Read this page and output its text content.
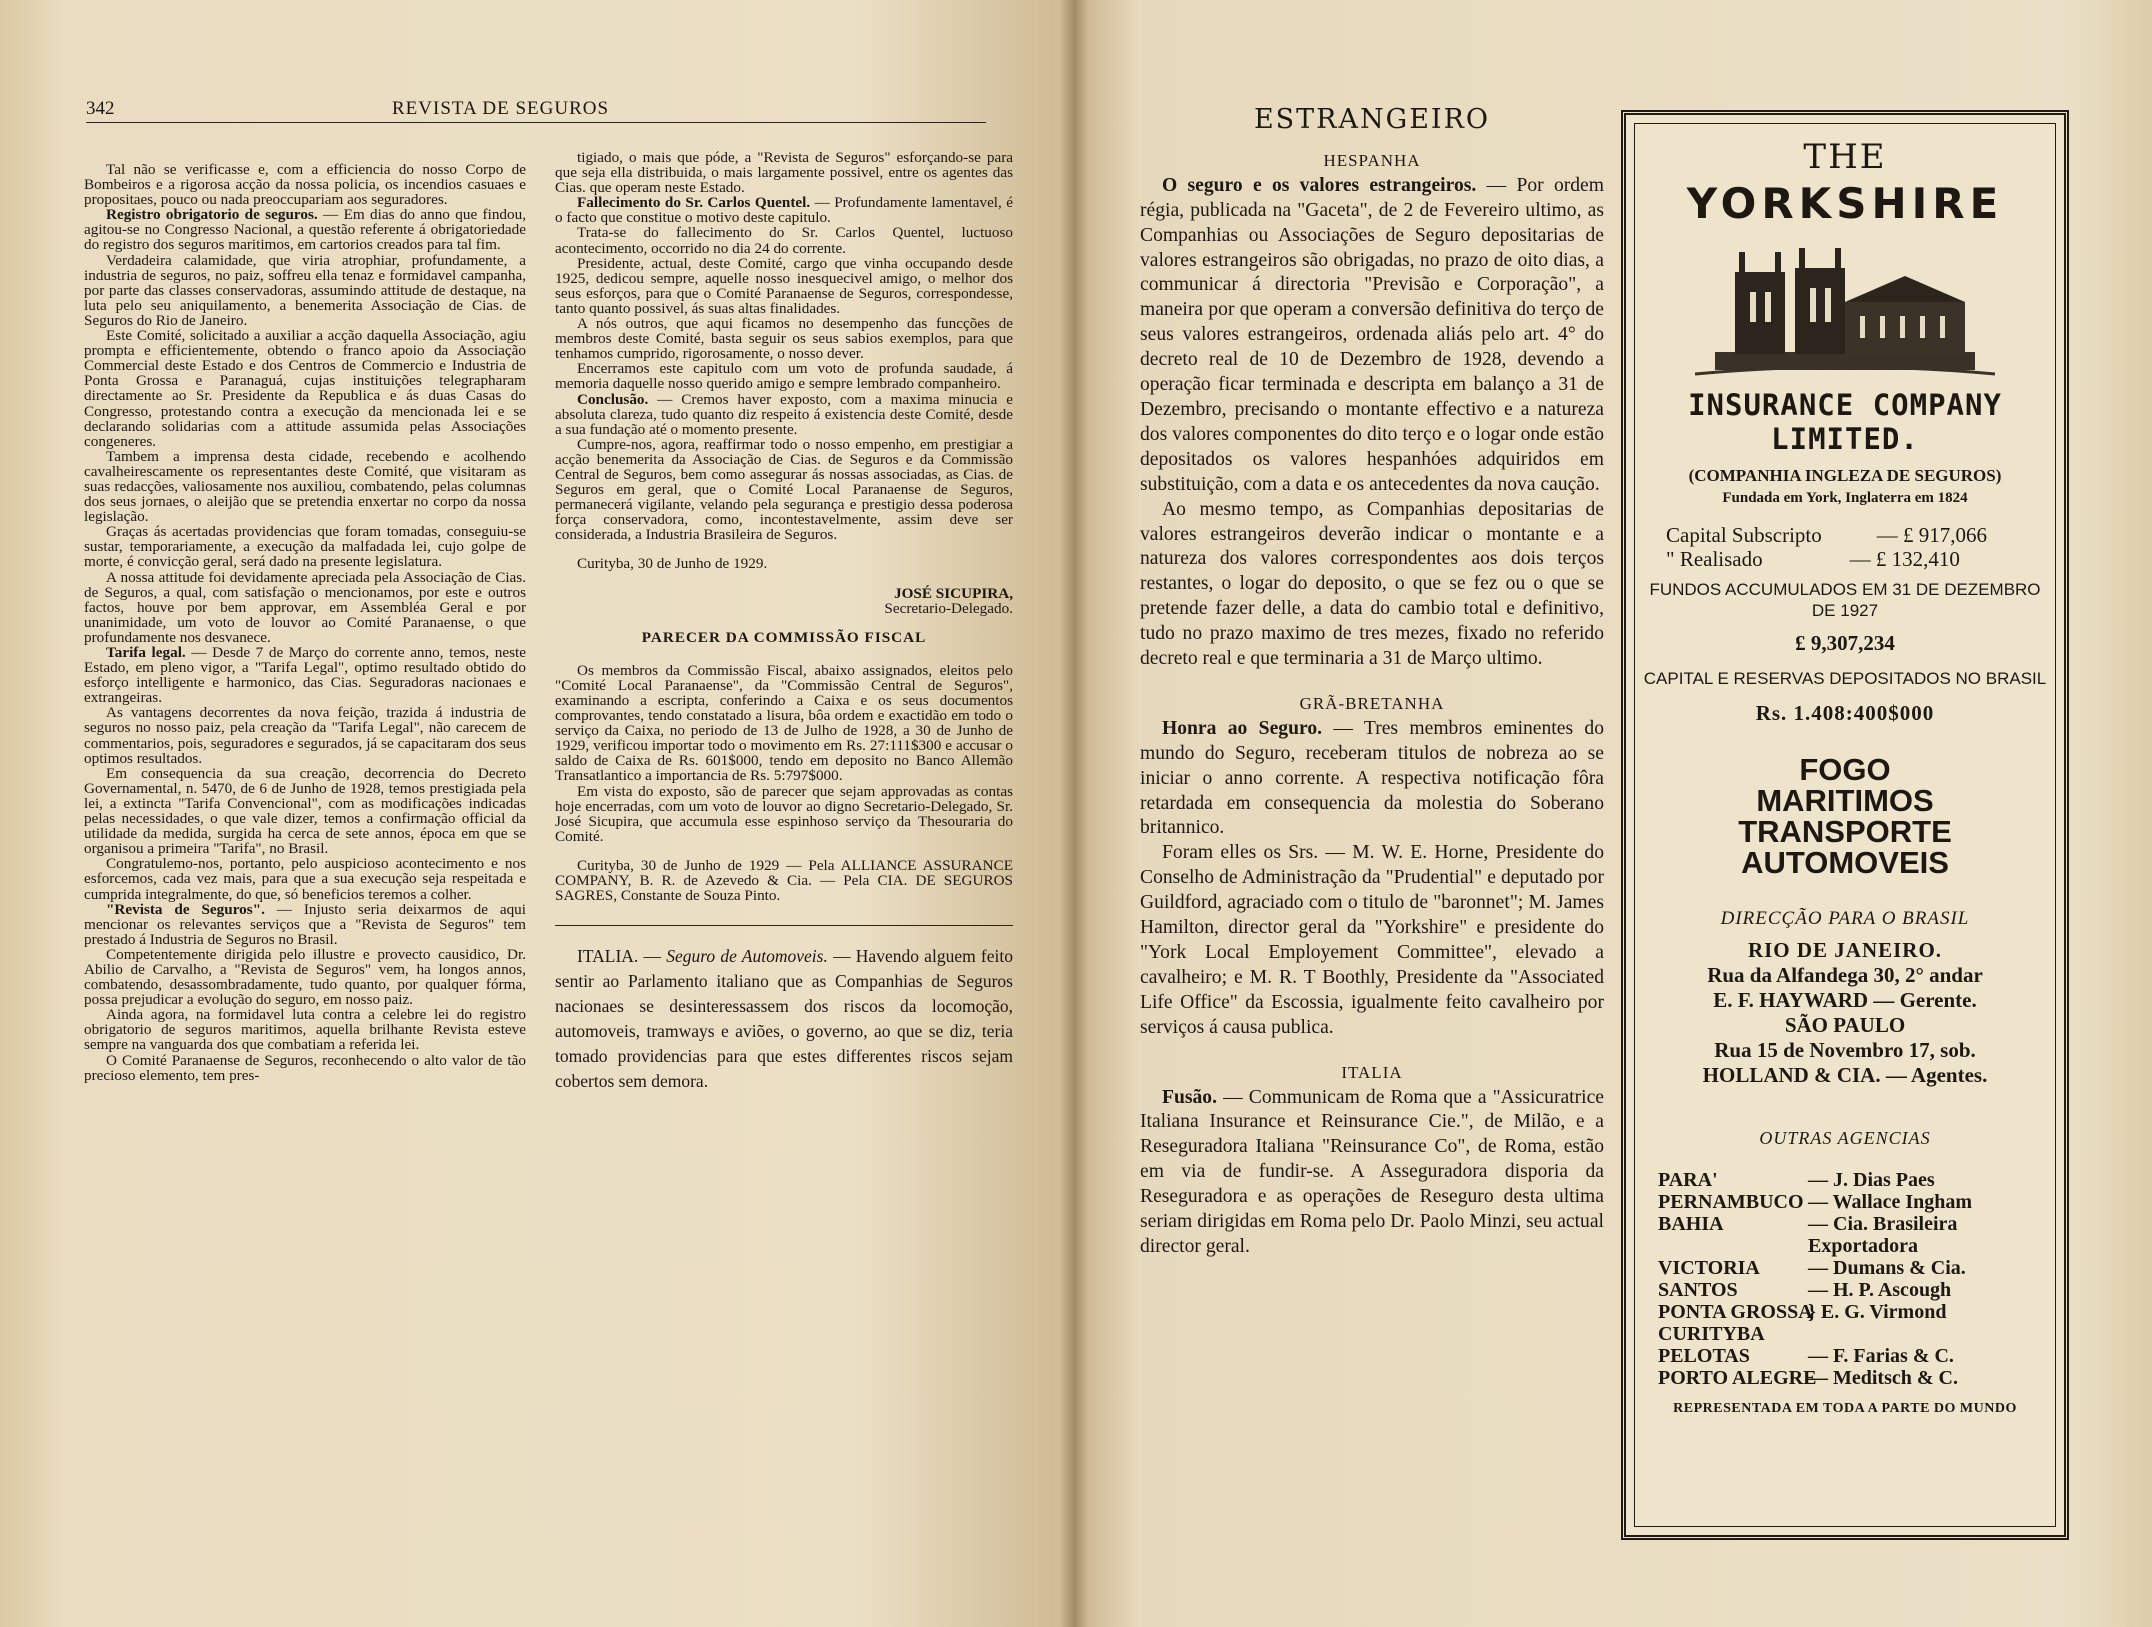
342	REVISTA DE SEGUROS

Tal não se verificasse e, com a efficiencia do nosso Corpo de Bombeiros e a rigorosa acção da nossa policia, os incendios casuaes e propositaes, pouco ou nada preoccupariam aos seguradores.

Registro obrigatorio de seguros. — Em dias do anno que findou, agitou-se no Congresso Nacional, a questão referente á obrigatoriedade do registro dos seguros maritimos, em cartorios creados para tal fim.

Verdadeira calamidade, que viria atrophiar, profundamente, a industria de seguros, no paiz, soffreu ella tenaz e formidavel campanha, por parte das classes conservadoras, assumindo attitude de destaque, na luta pelo seu aniquilamento, a benemerita Associação de Cias. de Seguros do Rio de Janeiro.

Este Comité, solicitado a auxiliar a acção daquella Associação, agiu prompta e efficientemente, obtendo o franco apoio da Associação Commercial deste Estado e dos Centros de Commercio e Industria de Ponta Grossa e Paranaguá, cujas instituições telegrapharam directamente ao Sr. Presidente da Republica e ás duas Casas do Congresso, protestando contra a execução da mencionada lei e se declarando solidarias com a attitude assumida pelas Associações congeneres.

Tambem a imprensa desta cidade, recebendo e acolhendo cavalheirescamente os representantes deste Comité, que visitaram as suas redacções, valiosamente nos auxiliou, combatendo, pelas columnas dos seus jornaes, o aleijão que se pretendia enxertar no corpo da nossa legislação.

Graças ás acertadas providencias que foram tomadas, conseguiu-se sustar, temporariamente, a execução da malfadada lei, cujo golpe de morte, é convicção geral, será dado na presente legislatura.

A nossa attitude foi devidamente apreciada pela Associação de Cias. de Seguros, a qual, com satisfação o mencionamos, por este e outros factos, houve por bem approvar, em Assembléa Geral e por unanimidade, um voto de louvor ao Comité Paranaense, o que profundamente nos desvanece.

Tarifa legal. — Desde 7 de Março do corrente anno, temos, neste Estado, em pleno vigor, a "Tarifa Legal", optimo resultado obtido do esforço intelligente e harmonico, das Cias. Seguradoras nacionaes e extrangeiras.

As vantagens decorrentes da nova feição, trazida á industria de seguros no nosso paiz, pela creação da "Tarifa Legal", não carecem de commentarios, pois, seguradores e segurados, já se capacitaram dos seus optimos resultados.

Em consequencia da sua creação, decorrencia do Decreto Governamental, n. 5470, de 6 de Junho de 1928, temos prestigiada pela lei, a extincta "Tarifa Convencional", com as modificações indicadas pelas necessidades, o que vale dizer, temos a confirmação official da utilidade da medida, surgida ha cerca de sete annos, época em que se organisou a primeira "Tarifa", no Brasil.

Congratulemo-nos, portanto, pelo auspicioso acontecimento e nos esforcemos, cada vez mais, para que a sua execução seja respeitada e cumprida integralmente, do que, só beneficios teremos a colher.

"Revista de Seguros". — Injusto seria deixarmos de aqui mencionar os relevantes serviços que a "Revista de Seguros" tem prestado á Industria de Seguros no Brasil.

Competentemente dirigida pelo illustre e provecto causidico, Dr. Abilio de Carvalho, a "Revista de Seguros" vem, ha longos annos, combatendo, desassombradamente, tudo quanto, por qualquer fórma, possa prejudicar a evolução do seguro, em nosso paiz.

Ainda agora, na formidavel luta contra a celebre lei do registro obrigatorio de seguros maritimos, aquella brilhante Revista esteve sempre na vanguarda dos que combatiam a referida lei.

O Comité Paranaense de Seguros, reconhecendo o alto valor de tão precioso elemento, tem pres-

tigiado, o mais que póde, a "Revista de Seguros" esforçando-se para que seja ella distribuida, o mais largamente possivel, entre os agentes das Cias. que operam neste Estado.

Fallecimento do Sr. Carlos Quentel. — Profundamente lamentavel, é o facto que constitue o motivo deste capitulo.

Trata-se do fallecimento do Sr. Carlos Quentel, luctuoso acontecimento, occorrido no dia 24 do corrente.

Presidente, actual, deste Comité, cargo que vinha occupando desde 1925, dedicou sempre, aquelle nosso inesquecivel amigo, o melhor dos seus esforços, para que o Comité Paranaense de Seguros, correspondesse, tanto quanto possivel, ás suas altas finalidades.

A nós outros, que aqui ficamos no desempenho das funcções de membros deste Comité, basta seguir os seus sabios exemplos, para que tenhamos cumprido, rigorosamente, o nosso dever.

Encerramos este capitulo com um voto de profunda saudade, á memoria daquelle nosso querido amigo e sempre lembrado companheiro.

Conclusão. — Cremos haver exposto, com a maxima minucia e absoluta clareza, tudo quanto diz respeito á existencia deste Comité, desde a sua fundação até o momento presente.

Cumpre-nos, agora, reaffirmar todo o nosso empenho, em prestigiar a acção benemerita da Associação de Cias. de Seguros e da Commissão Central de Seguros, bem como assegurar ás nossas associadas, as Cias. de Seguros em geral, que o Comité Local Paranaense de Seguros, permanecerá vigilante, velando pela segurança e prestigio dessa poderosa força conservadora, como, incontestavelmente, assim deve ser considerada, a Industria Brasileira de Seguros.

Curityba, 30 de Junho de 1929.

JOSÉ SICUPIRA,

Secretario-Delegado.

PARECER DA COMMISSÃO FISCAL

Os membros da Commissão Fiscal, abaixo assignados, eleitos pelo "Comité Local Paranaense", da "Commissão Central de Seguros", examinando a escripta, conferindo a Caixa e os seus documentos comprovantes, tendo constatado a lisura, bôa ordem e exactidão em todo o serviço da Caixa, no periodo de 13 de Julho de 1928, a 30 de Junho de 1929, verificou importar todo o movimento em Rs. 27:111$300 e accusar o saldo de Caixa de Rs. 601$000, tendo em deposito no Banco Allemão Transatlantico a importancia de Rs. 5:797$000.

Em vista do exposto, são de parecer que sejam approvadas as contas hoje encerradas, com um voto de louvor ao digno Secretario-Delegado, Sr. José Sicupira, que accumula esse espinhoso serviço da Thesouraria do Comité.

Curityba, 30 de Junho de 1929 — Pela ALLIANCE ASSURANCE COMPANY, B. R. de Azevedo & Cia. — Pela CIA. DE SEGUROS SAGRES, Constante de Souza Pinto.

ITALIA. — Seguro de Automoveis. — Havendo alguem feito sentir ao Parlamento italiano que as Companhias de Seguros nacionaes se desinteressassem dos riscos da locomoção, automoveis, tramways e aviões, o governo, ao que se diz, teria tomado providencias para que estes differentes riscos sejam cobertos sem demora.

ESTRANGEIRO

HESPANHA

O seguro e os valores estrangeiros. — Por ordem régia, publicada na "Gaceta", de 2 de Fevereiro ultimo, as Companhias ou Associações de Seguro depositarias de valores estrangeiros são obrigadas, no prazo de oito dias, a communicar á directoria "Previsão e Corporação", a maneira por que operam a conversão definitiva do terço de seus valores estrangeiros, ordenada aliás pelo art. 4° do decreto real de 10 de Dezembro de 1928, devendo a operação ficar terminada e descripta em balanço a 31 de Dezembro, precisando o montante effectivo e a natureza dos valores componentes do dito terço e o logar onde estão depositados os valores hespanhóes adquiridos em substituição, com a data e os antecedentes da nova caução.

Ao mesmo tempo, as Companhias depositarias de valores estrangeiros deverão indicar o montante e a natureza dos valores correspondentes aos dois terços restantes, o logar do deposito, o que se fez ou o que se pretende fazer delle, a data do cambio total e definitivo, tudo no prazo maximo de tres mezes, fixado no referido decreto real e que terminaria a 31 de Março ultimo.

GRÃ-BRETANHA

Honra ao Seguro. — Tres membros eminentes do mundo do Seguro, receberam titulos de nobreza ao se iniciar o anno corrente. A respectiva notificação fôra retardada em consequencia da molestia do Soberano britannico.

Foram elles os Srs. — M. W. E. Horne, Presidente do Conselho de Administração da "Prudential" e deputado por Guildford, agraciado com o titulo de "baronnet"; M. James Hamilton, director geral da "Yorkshire" e presidente do "York Local Employement Committee", elevado a cavalheiro; e M. R. T Boothly, Presidente da "Associated Life Office" da Escossia, igualmente feito cavalheiro por serviços á causa publica.

ITALIA

Fusão. — Communicam de Roma que a "Assicuratrice Italiana Insurance et Reinsurance Cie.", de Milão, e a Reseguradora Italiana "Reinsurance Co", de Roma, estão em via de fundir-se. A Asseguradora disporia da Reseguradora e as operações de Reseguro desta ultima seriam dirigidas em Roma pelo Dr. Paolo Minzi, seu actual director geral.

THE
YORKSHIRE
INSURANCE COMPANY LIMITED.
(COMPANHIA INGLEZA DE SEGUROS)
Fundada em York, Inglaterra em 1824
Capital Subscripto	— £ 917,066
" Realisado	— £ 132,410
FUNDOS ACCUMULADOS EM 31 DE DEZEMBRO DE 1927
£ 9,307,234
CAPITAL E RESERVAS DEPOSITADOS NO BRASIL
Rs. 1.408:400$000
FOGO
MARITIMOS
TRANSPORTE
AUTOMOVEIS
DIRECÇÃO PARA O BRASIL
RIO DE JANEIRO.
Rua da Alfandega 30, 2° andar
E. F. HAYWARD — Gerente.
SÃO PAULO
Rua 15 de Novembro 17, sob.
HOLLAND & CIA. — Agentes.
OUTRAS AGENCIAS
PARA'	— J. Dias Paes
PERNAMBUCO — Wallace Ingham
BAHIA	— Cia. Brasileira
Exportadora
VICTORIA — Dumans & Cia.
SANTOS	— H. P. Ascough
PONTA GROSSA} E. G. Virmond
CURITYBA
PELOTAS	— F. Farias & C.
PORTO ALEGRE— Meditsch & C.
REPRESENTADA EM TODA A PARTE DO MUNDO
